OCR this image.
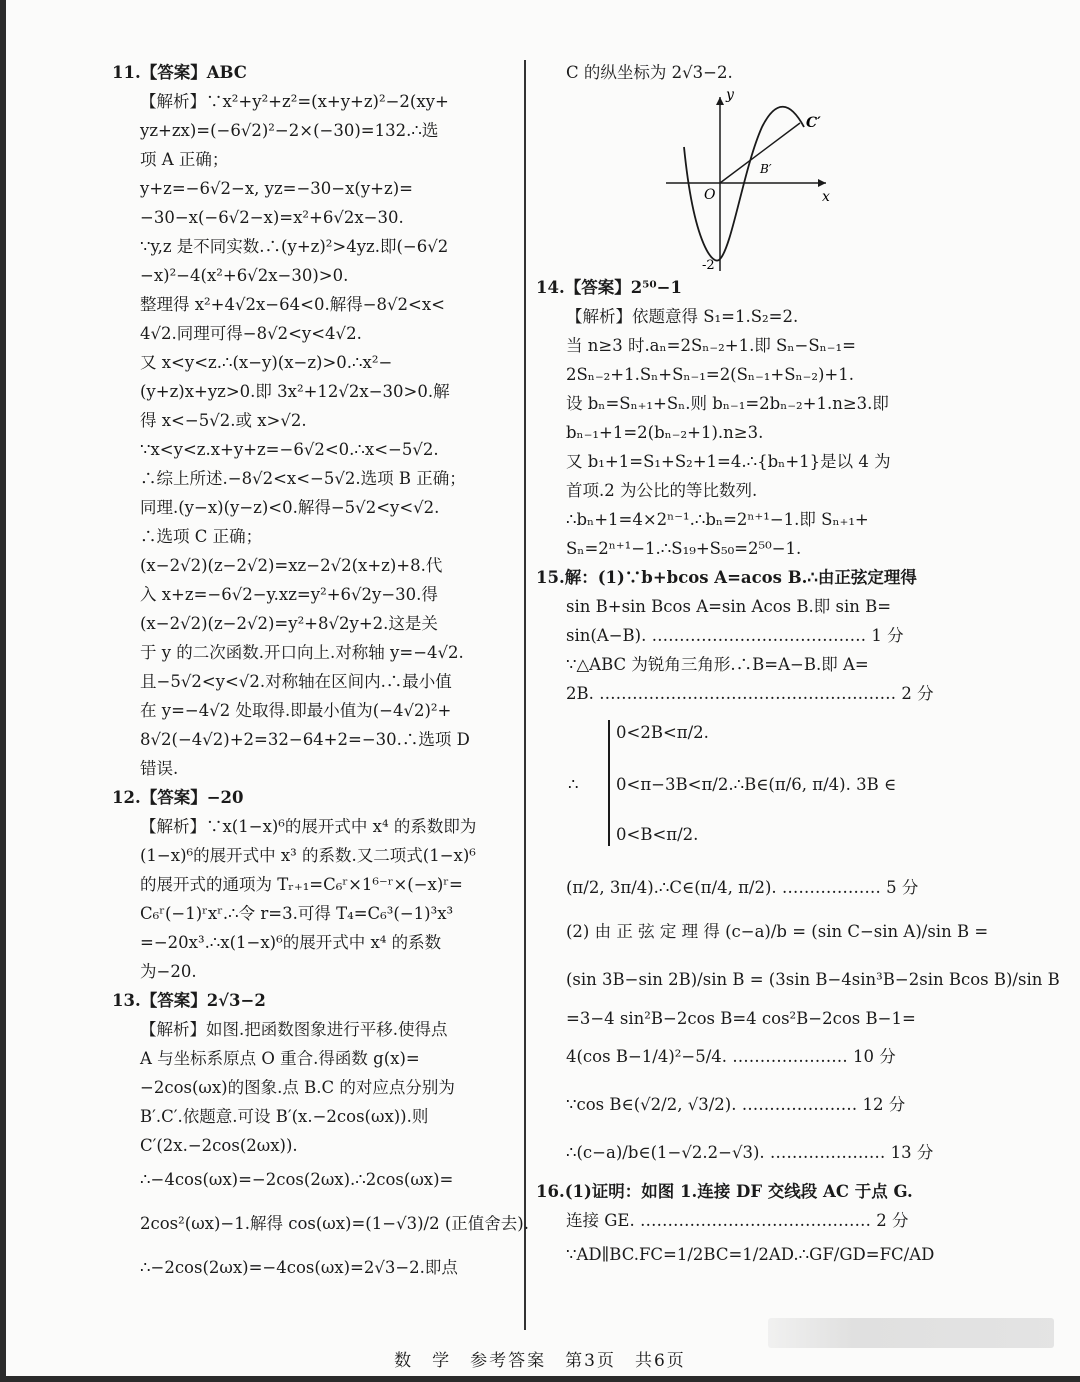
11.【答案】ABC
【解析】∵x²+y²+z²=(x+y+z)²−2(xy+
yz+zx)=(−6√2)²−2×(−30)=132.∴选
项 A 正确；
y+z=−6√2−x, yz=−30−x(y+z)=
−30−x(−6√2−x)=x²+6√2x−30.
∵y,z 是不同实数.∴(y+z)²>4yz.即(−6√2
−x)²−4(x²+6√2x−30)>0.
整理得 x²+4√2x−64<0.解得−8√2<x<
4√2.同理可得−8√2<y<4√2.
又 x<y<z.∴(x−y)(x−z)>0.∴x²−
(y+z)x+yz>0.即 3x²+12√2x−30>0.解
得 x<−5√2.或 x>√2.
∵x<y<z.x+y+z=−6√2<0.∴x<−5√2.
∴综上所述.−8√2<x<−5√2.选项 B 正确；
同理.(y−x)(y−z)<0.解得−5√2<y<√2.
∴选项 C 正确；
(x−2√2)(z−2√2)=xz−2√2(x+z)+8.代
入 x+z=−6√2−y.xz=y²+6√2y−30.得
(x−2√2)(z−2√2)=y²+8√2y+2.这是关
于 y 的二次函数.开口向上.对称轴 y=−4√2.
且−5√2<y<√2.对称轴在区间内.∴最小值
在 y=−4√2 处取得.即最小值为(−4√2)²+
8√2(−4√2)+2=32−64+2=−30.∴选项 D
错误.
12.【答案】−20
【解析】∵x(1−x)⁶的展开式中 x⁴ 的系数即为
(1−x)⁶的展开式中 x³ 的系数.又二项式(1−x)⁶
的展开式的通项为 Tᵣ₊₁=C₆ʳ×1⁶⁻ʳ×(−x)ʳ=
C₆ʳ(−1)ʳxʳ.∴令 r=3.可得 T₄=C₆³(−1)³x³
=−20x³.∴x(1−x)⁶的展开式中 x⁴ 的系数
为−20.
13.【答案】2√3−2
【解析】如图.把函数图象进行平移.使得点
A 与坐标系原点 O 重合.得函数 g(x)=
−2cos(ωx)的图象.点 B.C 的对应点分别为
B′.C′.依题意.可设 B′(x.−2cos(ωx)).则
C′(2x.−2cos(2ωx)).
∴−4cos(ωx)=−2cos(2ωx).∴2cos(ωx)=
2cos²(ωx)−1.解得 cos(ωx)=(1−√3)/2 (正值舍去).
∴−2cos(2ωx)=−4cos(ωx)=2√3−2.即点
C 的纵坐标为 2√3−2.
y
x
O
C′
B′
-2
14.【答案】2⁵⁰−1
【解析】依题意得 S₁=1.S₂=2.
当 n≥3 时.aₙ=2Sₙ₋₂+1.即 Sₙ−Sₙ₋₁=
2Sₙ₋₂+1.Sₙ+Sₙ₋₁=2(Sₙ₋₁+Sₙ₋₂)+1.
设 bₙ=Sₙ₊₁+Sₙ.则 bₙ₋₁=2bₙ₋₂+1.n≥3.即
bₙ₋₁+1=2(bₙ₋₂+1).n≥3.
又 b₁+1=S₁+S₂+1=4.∴{bₙ+1}是以 4 为
首项.2 为公比的等比数列.
∴bₙ+1=4×2ⁿ⁻¹.∴bₙ=2ⁿ⁺¹−1.即 Sₙ₊₁+
Sₙ=2ⁿ⁺¹−1.∴S₁₉+S₅₀=2⁵⁰−1.
15.解：(1)∵b+bcos A=acos B.∴由正弦定理得
sin B+sin Bcos A=sin Acos B.即 sin B=
sin(A−B). ………………………………… 1 分
∵△ABC 为锐角三角形.∴B=A−B.即 A=
2B. ……………………………………………… 2 分
∴
0<2B<π/2.
0<π−3B<π/2.∴B∈(π/6, π/4). 3B ∈
0<B<π/2.
(π/2, 3π/4).∴C∈(π/4, π/2). ……………… 5 分
(2) 由 正 弦 定 理 得 (c−a)/b = (sin C−sin A)/sin B =
(sin 3B−sin 2B)/sin B = (3sin B−4sin³B−2sin Bcos B)/sin B
=3−4 sin²B−2cos B=4 cos²B−2cos B−1=
4(cos B−1/4)²−5/4. ………………… 10 分
∵cos B∈(√2/2, √3/2). ………………… 12 分
∴(c−a)/b∈(1−√2.2−√3). ………………… 13 分
16.(1)证明：如图 1.连接 DF 交线段 AC 于点 G.
连接 GE. …………………………………… 2 分
∵AD∥BC.FC=1/2BC=1/2AD.∴GF/GD=FC/AD
数　学　参考答案　第3页　共6页
